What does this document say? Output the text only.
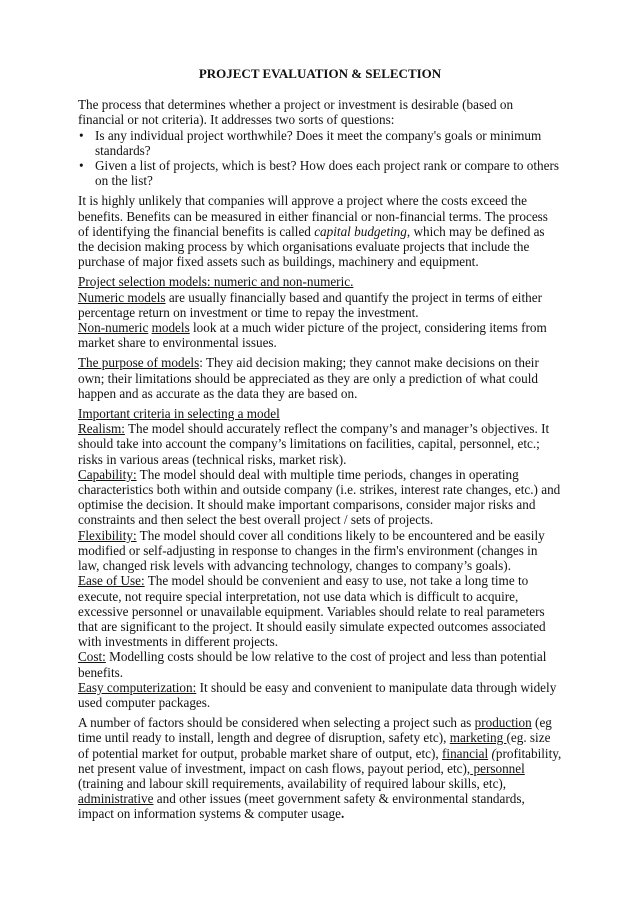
PROJECT EVALUATION & SELECTION

The process that determines whether a project or investment is desirable (based on financial or not criteria). It addresses two sorts of questions:

• Is any individual project worthwhile? Does it meet the company's goals or minimum standards?
• Given a list of projects, which is best? How does each project rank or compare to others on the list?

It is highly unlikely that companies will approve a project where the costs exceed the benefits. Benefits can be measured in either financial or non-financial terms. The process of identifying the financial benefits is called capital budgeting, which may be defined as the decision making process by which organisations evaluate projects that include the purchase of major fixed assets such as buildings, machinery and equipment.

Project selection models: numeric and non-numeric.

Numeric models are usually financially based and quantify the project in terms of either percentage return on investment or time to repay the investment.

Non-numeric models look at a much wider picture of the project, considering items from market share to environmental issues.

The purpose of models: They aid decision making; they cannot make decisions on their own; their limitations should be appreciated as they are only a prediction of what could happen and as accurate as the data they are based on.

Important criteria in selecting a model

Realism: The model should accurately reflect the company’s and manager’s objectives. It should take into account the company’s limitations on facilities, capital, personnel, etc.; risks in various areas (technical risks, market risk).

Capability: The model should deal with multiple time periods, changes in operating characteristics both within and outside company (i.e. strikes, interest rate changes, etc.) and optimise the decision. It should make important comparisons, consider major risks and constraints and then select the best overall project / sets of projects.

Flexibility: The model should cover all conditions likely to be encountered and be easily modified or self-adjusting in response to changes in the firm's environment (changes in law, changed risk levels with advancing technology, changes to company’s goals).

Ease of Use: The model should be convenient and easy to use, not take a long time to execute, not require special interpretation, not use data which is difficult to acquire, excessive personnel or unavailable equipment. Variables should relate to real parameters that are significant to the project. It should easily simulate expected outcomes associated with investments in different projects.

Cost: Modelling costs should be low relative to the cost of project and less than potential benefits.

Easy computerization: It should be easy and convenient to manipulate data through widely used computer packages.

A number of factors should be considered when selecting a project such as production (eg time until ready to install, length and degree of disruption, safety etc), marketing (eg. size of potential market for output, probable market share of output, etc), financial (profitability, net present value of investment, impact on cash flows, payout period, etc), personnel (training and labour skill requirements, availability of required labour skills, etc), administrative and other issues (meet government safety & environmental standards, impact on information systems & computer usage.
